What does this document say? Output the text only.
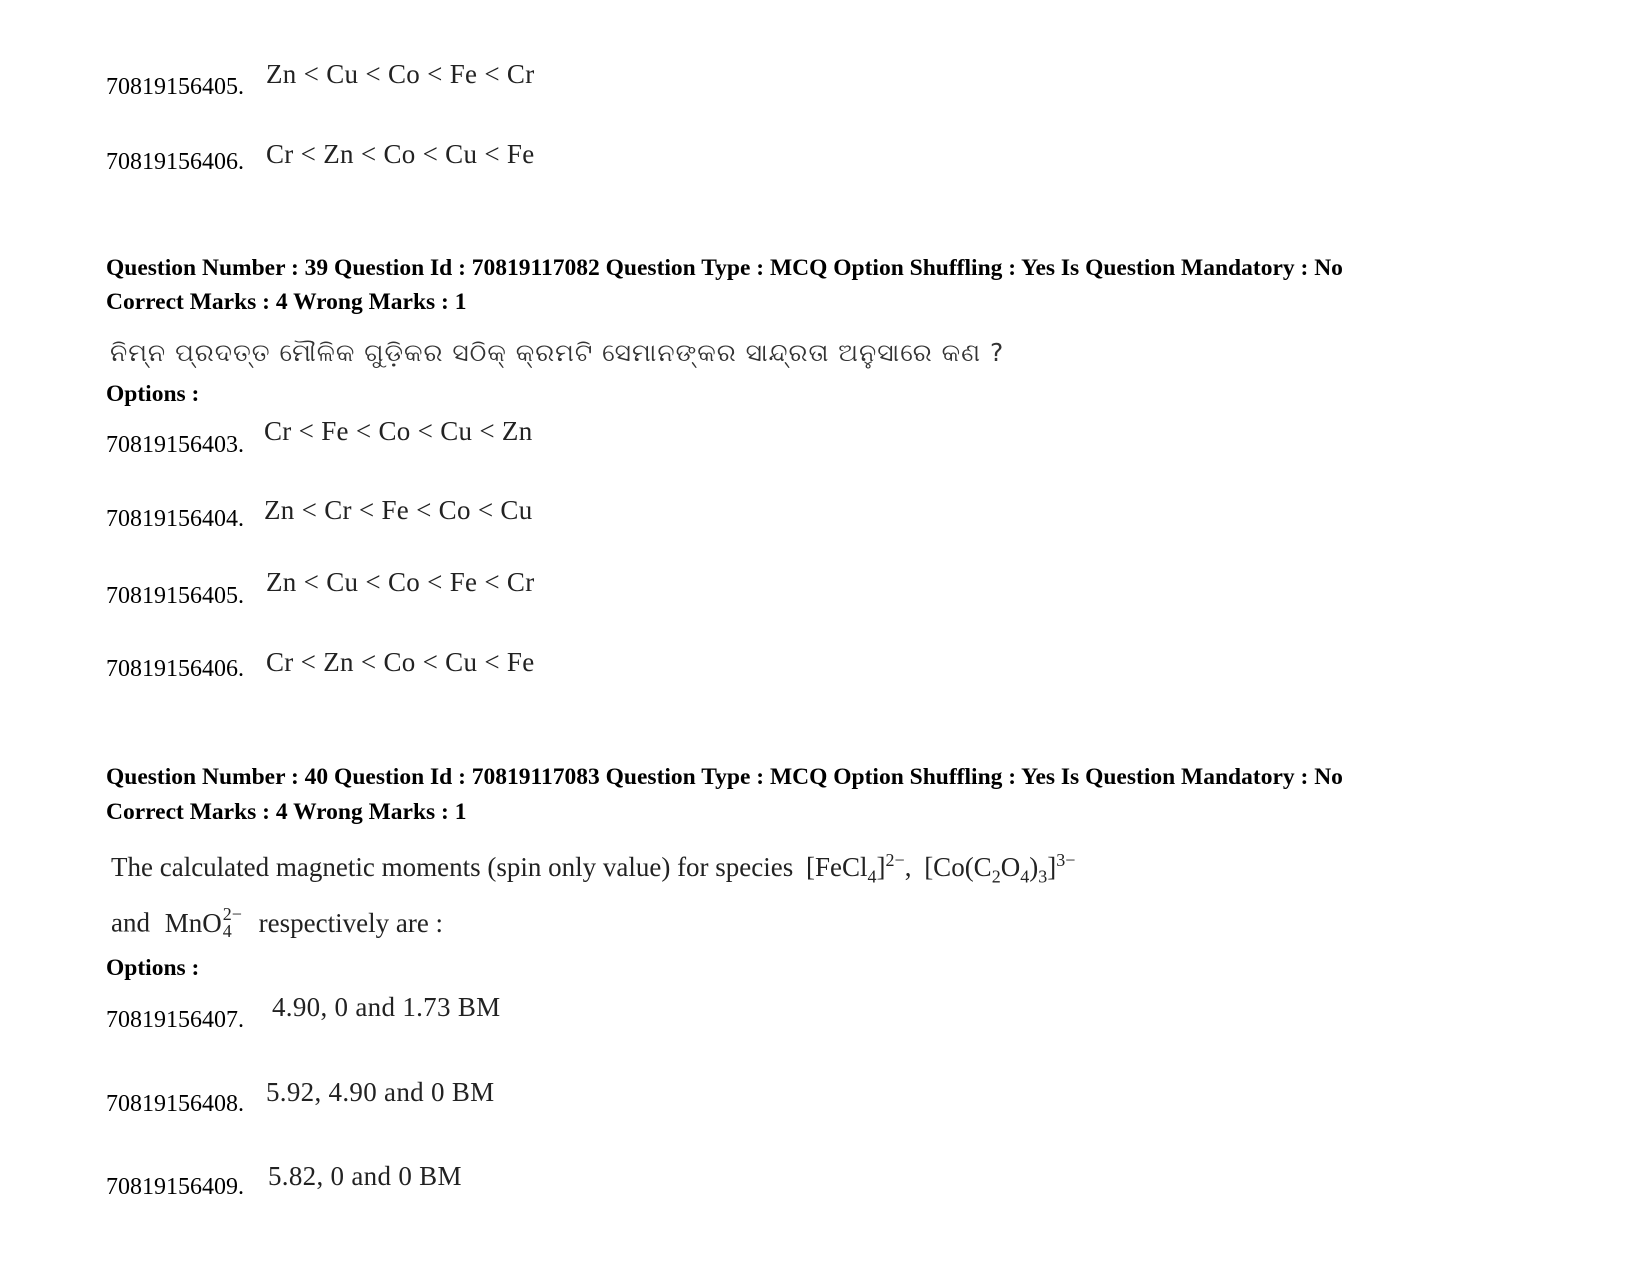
70819156405. Zn < Cu < Co < Fe < Cr
70819156406. Cr < Zn < Co < Cu < Fe
Question Number : 39 Question Id : 70819117082 Question Type : MCQ Option Shuffling : Yes Is Question Mandatory : No
Correct Marks : 4 Wrong Marks : 1
ନିମ୍ନ ପ୍ରଦତ୍ତ ମୌଳିକ ଗୁଡ଼ିକର ସଠିକ୍ କ୍ରମଟି ସେମାନଙ୍କର ସାନ୍ଦ୍ରତା ଅନୁସାରେ କଣ ?
Options :
70819156403. Cr < Fe < Co < Cu < Zn
70819156404. Zn < Cr < Fe < Co < Cu
70819156405. Zn < Cu < Co < Fe < Cr
70819156406. Cr < Zn < Co < Cu < Fe
Question Number : 40 Question Id : 70819117083 Question Type : MCQ Option Shuffling : Yes Is Question Mandatory : No
Correct Marks : 4 Wrong Marks : 1
The calculated magnetic moments (spin only value) for species [FeCl$_4$]$^{2-}$, $[Co(C_2O_4)_3]^{3-}$
and MnO 2−
4 respectively are :
Options :
70819156407. 4.90, 0 and 1.73 BM
70819156408. 5.92, 4.90 and 0 BM
70819156409. 5.82, 0 and 0 BM
